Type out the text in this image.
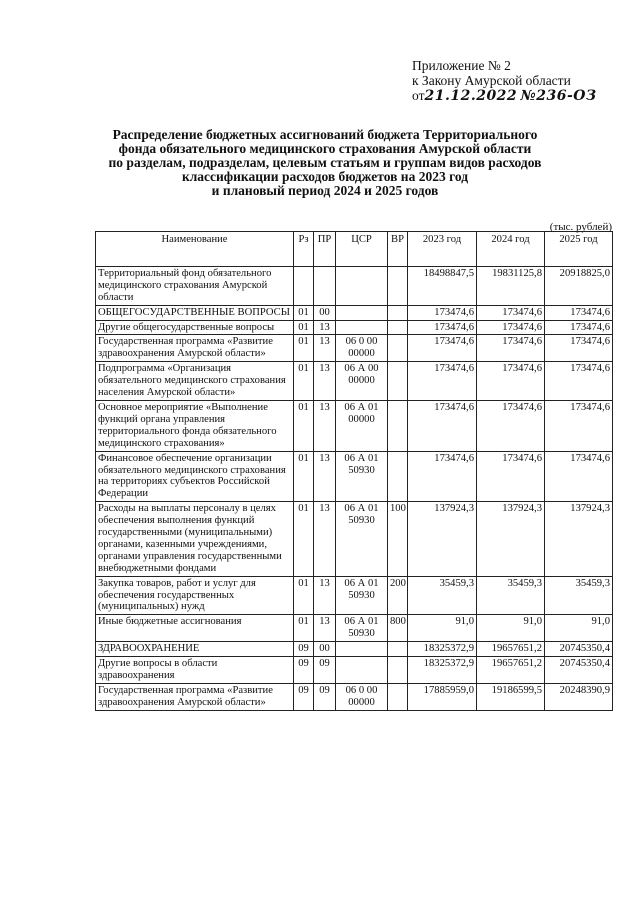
Приложение № 2
к Закону Амурской области
от21.12.2022 №236-ОЗ
Распределение бюджетных ассигнований бюджета Территориального
фонда обязательного медицинского страхования Амурской области
по разделам, подразделам, целевым статьям и группам видов расходов
классификации расходов бюджетов на 2023 год
и плановый период 2024 и 2025 годов
(тыс. рублей)
Наименование	Рз	ПР	ЦСР	ВР	2023 год	2024 год	2025 год
Территориальный фонд обязательного медицинского страхования Амурской области					18498847,5	19831125,8	20918825,0
ОБЩЕГОСУДАРСТВЕННЫЕ ВОПРОСЫ	01	00			173474,6	173474,6	173474,6
Другие общегосударственные вопросы	01	13			173474,6	173474,6	173474,6
Государственная программа «Развитие здравоохранения Амурской области»	01	13	06 0 00 00000		173474,6	173474,6	173474,6
Подпрограмма «Организация обязательного медицинского страхования населения Амурской области»	01	13	06 А 00 00000		173474,6	173474,6	173474,6
Основное мероприятие «Выполнение функций органа управления территориального фонда обязательного медицинского страхования»	01	13	06 А 01 00000		173474,6	173474,6	173474,6
Финансовое обеспечение организации обязательного медицинского страхования на территориях субъектов Российской Федерации	01	13	06 А 01 50930		173474,6	173474,6	173474,6
Расходы на выплаты персоналу в целях обеспечения выполнения функций государственными (муниципальными) органами, казенными учреждениями, органами управления государственными внебюджетными фондами	01	13	06 А 01 50930	100	137924,3	137924,3	137924,3
Закупка товаров, работ и услуг для обеспечения государственных (муниципальных) нужд	01	13	06 А 01 50930	200	35459,3	35459,3	35459,3
Иные бюджетные ассигнования	01	13	06 А 01 50930	800	91,0	91,0	91,0
ЗДРАВООХРАНЕНИЕ	09	00			18325372,9	19657651,2	20745350,4
Другие вопросы в области здравоохранения	09	09			18325372,9	19657651,2	20745350,4
Государственная программа «Развитие здравоохранения Амурской области»	09	09	06 0 00 00000		17885959,0	19186599,5	20248390,9
